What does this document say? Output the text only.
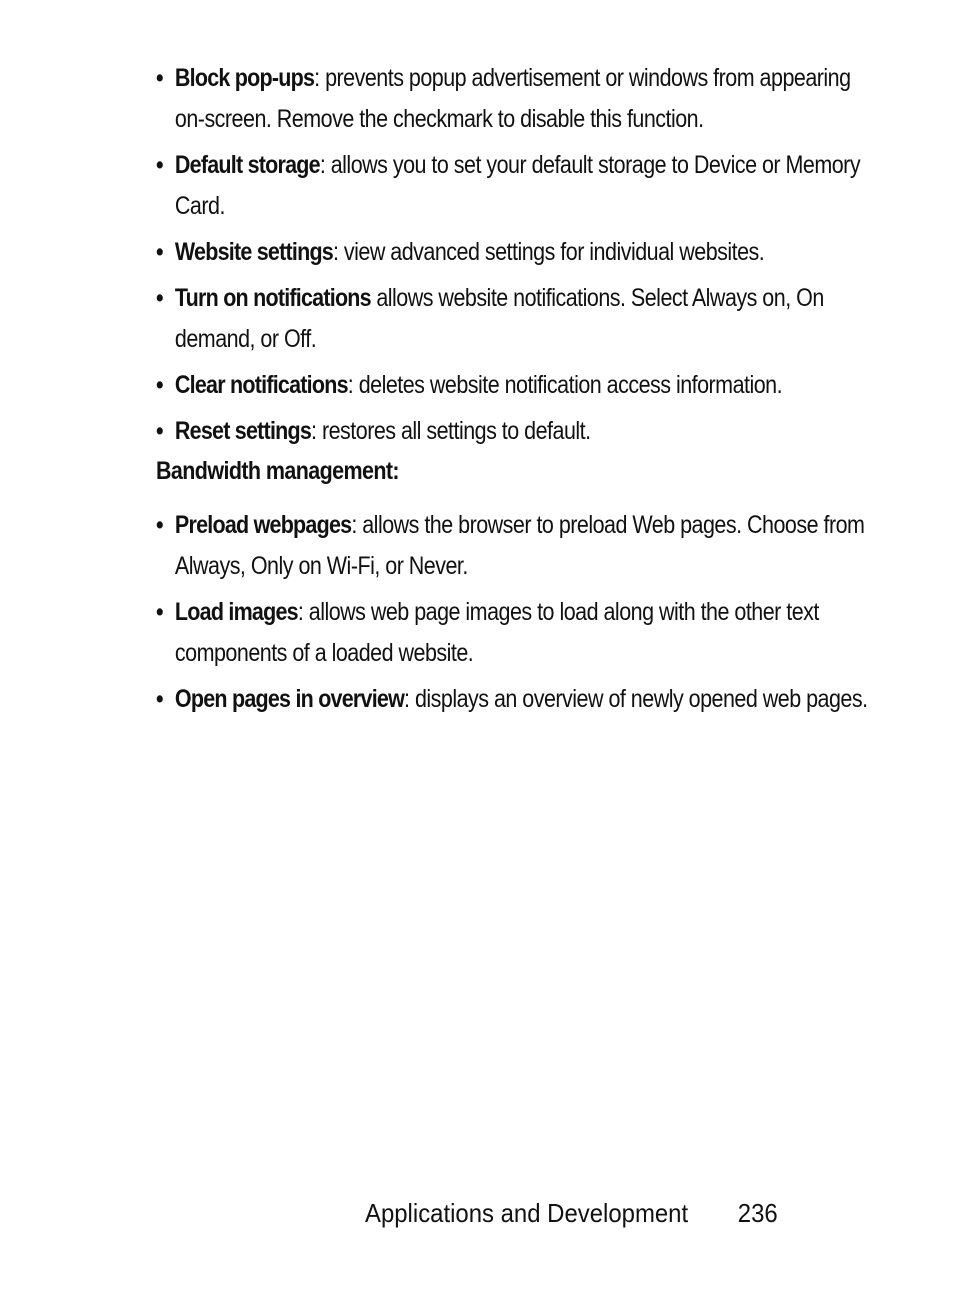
• Block pop-ups: prevents popup advertisement or windows from appearing on-screen. Remove the checkmark to disable this function.
• Default storage: allows you to set your default storage to Device or Memory Card.
• Website settings: view advanced settings for individual websites.
• Turn on notifications allows website notifications. Select Always on, On demand, or Off.
• Clear notifications: deletes website notification access information.
• Reset settings: restores all settings to default.
Bandwidth management:
• Preload webpages: allows the browser to preload Web pages. Choose from Always, Only on Wi-Fi, or Never.
• Load images: allows web page images to load along with the other text components of a loaded website.
• Open pages in overview: displays an overview of newly opened web pages.
Applications and Development 236
